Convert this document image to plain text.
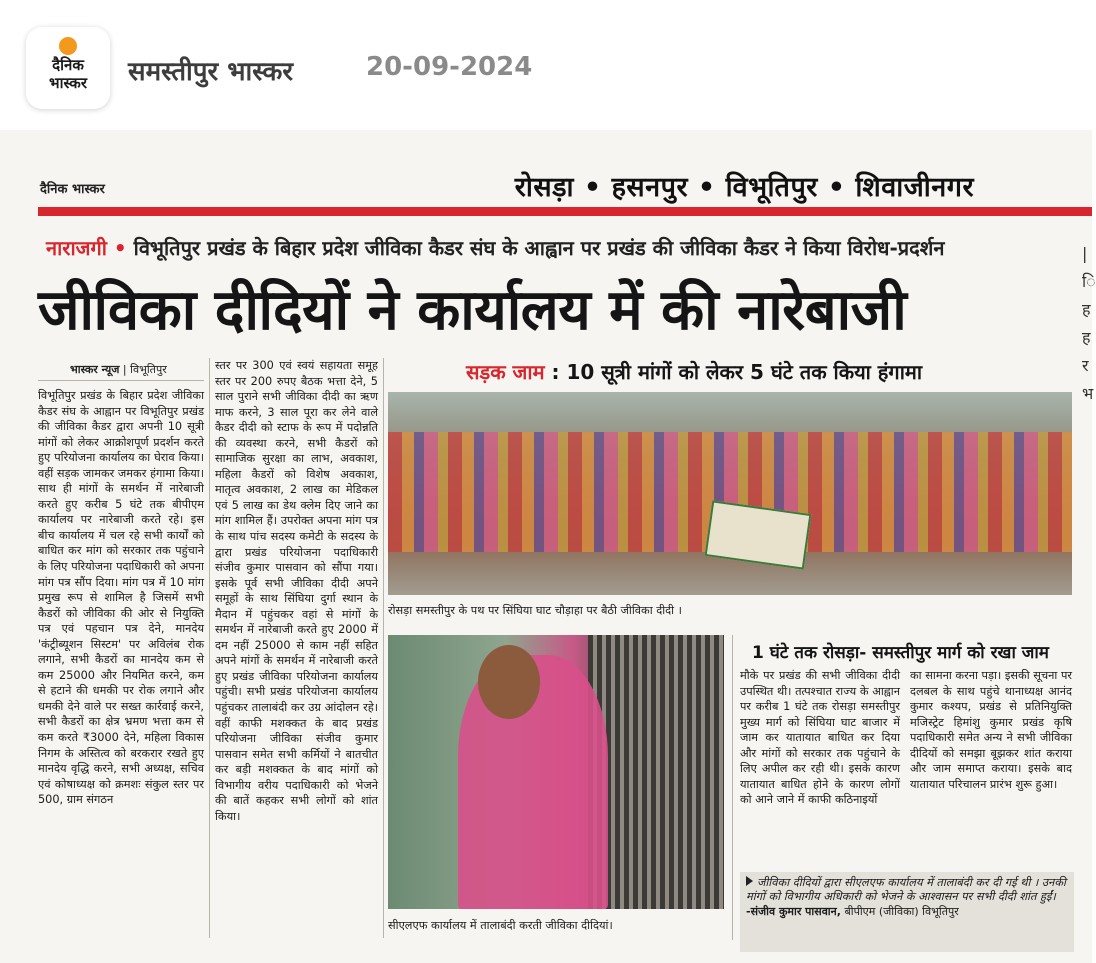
दैनिक
भास्कर	समस्तीपुर भास्कर	20-09-2024
दैनिक भास्कर	रोसड़ा • हसनपुर • विभूतिपुर • शिवाजीनगर
नाराजगी • विभूतिपुर प्रखंड के बिहार प्रदेश जीविका कैडर संघ के आह्वान पर प्रखंड की जीविका कैडर ने किया विरोध-प्रदर्शन
जीविका दीदियों ने कार्यालय में की नारेबाजी
भास्कर न्यूज | विभूतिपुर
विभूतिपुर प्रखंड के बिहार प्रदेश जीविका कैडर संघ के आह्वान पर विभूतिपुर प्रखंड की जीविका कैडर द्वारा अपनी 10 सूत्री मांगों को लेकर आक्रोशपूर्ण प्रदर्शन करते हुए परियोजना कार्यालय का घेराव किया। वहीं सड़क जामकर जमकर हंगामा किया। साथ ही मांगों के समर्थन में नारेबाजी करते हुए करीब 5 घंटे तक बीपीएम कार्यालय पर नारेबाजी करते रहे। इस बीच कार्यालय में चल रहे सभी कार्यों को बाधित कर मांग को सरकार तक पहुंचाने के लिए परियोजना पदाधिकारी को अपना मांग पत्र सौंप दिया। मांग पत्र में 10 मांग प्रमुख रूप से शामिल है जिसमें सभी कैडरों को जीविका की ओर से नियुक्ति पत्र एवं पहचान पत्र देने, मानदेय 'कंट्रीब्यूशन सिस्टम' पर अविलंब रोक लगाने, सभी कैडरों का मानदेय कम से कम 25000 और नियमित करने, कम से हटाने की धमकी पर रोक लगाने और धमकी देने वाले पर सख्त कार्रवाई करने, सभी कैडरों का क्षेत्र भ्रमण भत्ता कम से कम करते ₹3000 देने, महिला विकास निगम के अस्तित्व को बरकरार रखते हुए मानदेय वृद्धि करने, सभी अध्यक्ष, सचिव एवं कोषाध्यक्ष को क्रमशः संकुल स्तर पर 500, ग्राम संगठन
स्तर पर 300 एवं स्वयं सहायता समूह स्तर पर 200 रुपए बैठक भत्ता देने, 5 साल पुराने सभी जीविका दीदी का ऋण माफ करने, 3 साल पूरा कर लेने वाले कैडर दीदी को स्टाफ के रूप में पदोन्नति की व्यवस्था करने, सभी कैडरों को सामाजिक सुरक्षा का लाभ, अवकाश, महिला कैडरों को विशेष अवकाश, मातृत्व अवकाश, 2 लाख का मेडिकल एवं 5 लाख का डेथ क्लेम दिए जाने का मांग शामिल हैं। उपरोक्त अपना मांग पत्र के साथ पांच सदस्य कमेटी के सदस्य के द्वारा प्रखंड परियोजना पदाधिकारी संजीव कुमार पासवान को सौंपा गया। इसके पूर्व सभी जीविका दीदी अपने समूहों के साथ सिंघिया दुर्गा स्थान के मैदान में पहुंचकर वहां से मांगों के समर्थन में नारेबाजी करते हुए 2000 में दम नहीं 25000 से काम नहीं सहित अपने मांगों के समर्थन में नारेबाजी करते हुए प्रखंड जीविका परियोजना कार्यालय पहुंची। सभी प्रखंड परियोजना कार्यालय पहुंचकर तालाबंदी कर उग्र आंदोलन रहे। वहीं काफी मशक्कत के बाद प्रखंड परियोजना जीविका संजीव कुमार पासवान समेत सभी कर्मियों ने बातचीत कर बड़ी मशक्कत के बाद मांगों को विभागीय वरीय पदाधिकारी को भेजने की बातें कहकर सभी लोगों को शांत किया।
सड़क जाम : 10 सूत्री मांगों को लेकर 5 घंटे तक किया हंगामा
रोसड़ा समस्तीपुर के पथ पर सिंघिया घाट चौड़ाहा पर बैठी जीविका दीदी ।
सीएलएफ कार्यालय में तालाबंदी करती जीविका दीदियां।
1 घंटे तक रोसड़ा- समस्तीपुर मार्ग को रखा जाम
मौके पर प्रखंड की सभी जीविका दीदी उपस्थित थी। तत्पश्चात राज्य के आह्वान पर करीब 1 घंटे तक रोसड़ा समस्तीपुर मुख्य मार्ग को सिंघिया घाट बाजार में जाम कर यातायात बाधित कर दिया और मांगों को सरकार तक पहुंचाने के लिए अपील कर रही थी। इसके कारण यातायात बाधित होने के कारण लोगों को आने जाने में काफी कठिनाइयों
का सामना करना पड़ा। इसकी सूचना पर दलबल के साथ पहुंचे थानाध्यक्ष आनंद कुमार कश्यप, प्रखंड से प्रतिनियुक्ति मजिस्ट्रेट हिमांशु कुमार प्रखंड कृषि पदाधिकारी समेत अन्य ने सभी जीविका दीदियों को समझा बूझकर शांत कराया और जाम समाप्त कराया। इसके बाद यातायात परिचालन प्रारंभ शुरू हुआ।
जीविका दीदियों द्वारा सीएलएफ कार्यालय में तालाबंदी कर दी गई थी । उनकी मांगों को विभागीय अधिकारी को भेजने के आश्वासन पर सभी दीदी शांत हुईं।
-संजीव कुमार पासवान, बीपीएम (जीविका) विभूतिपुर
|
ि
ह
ह
र
भ
